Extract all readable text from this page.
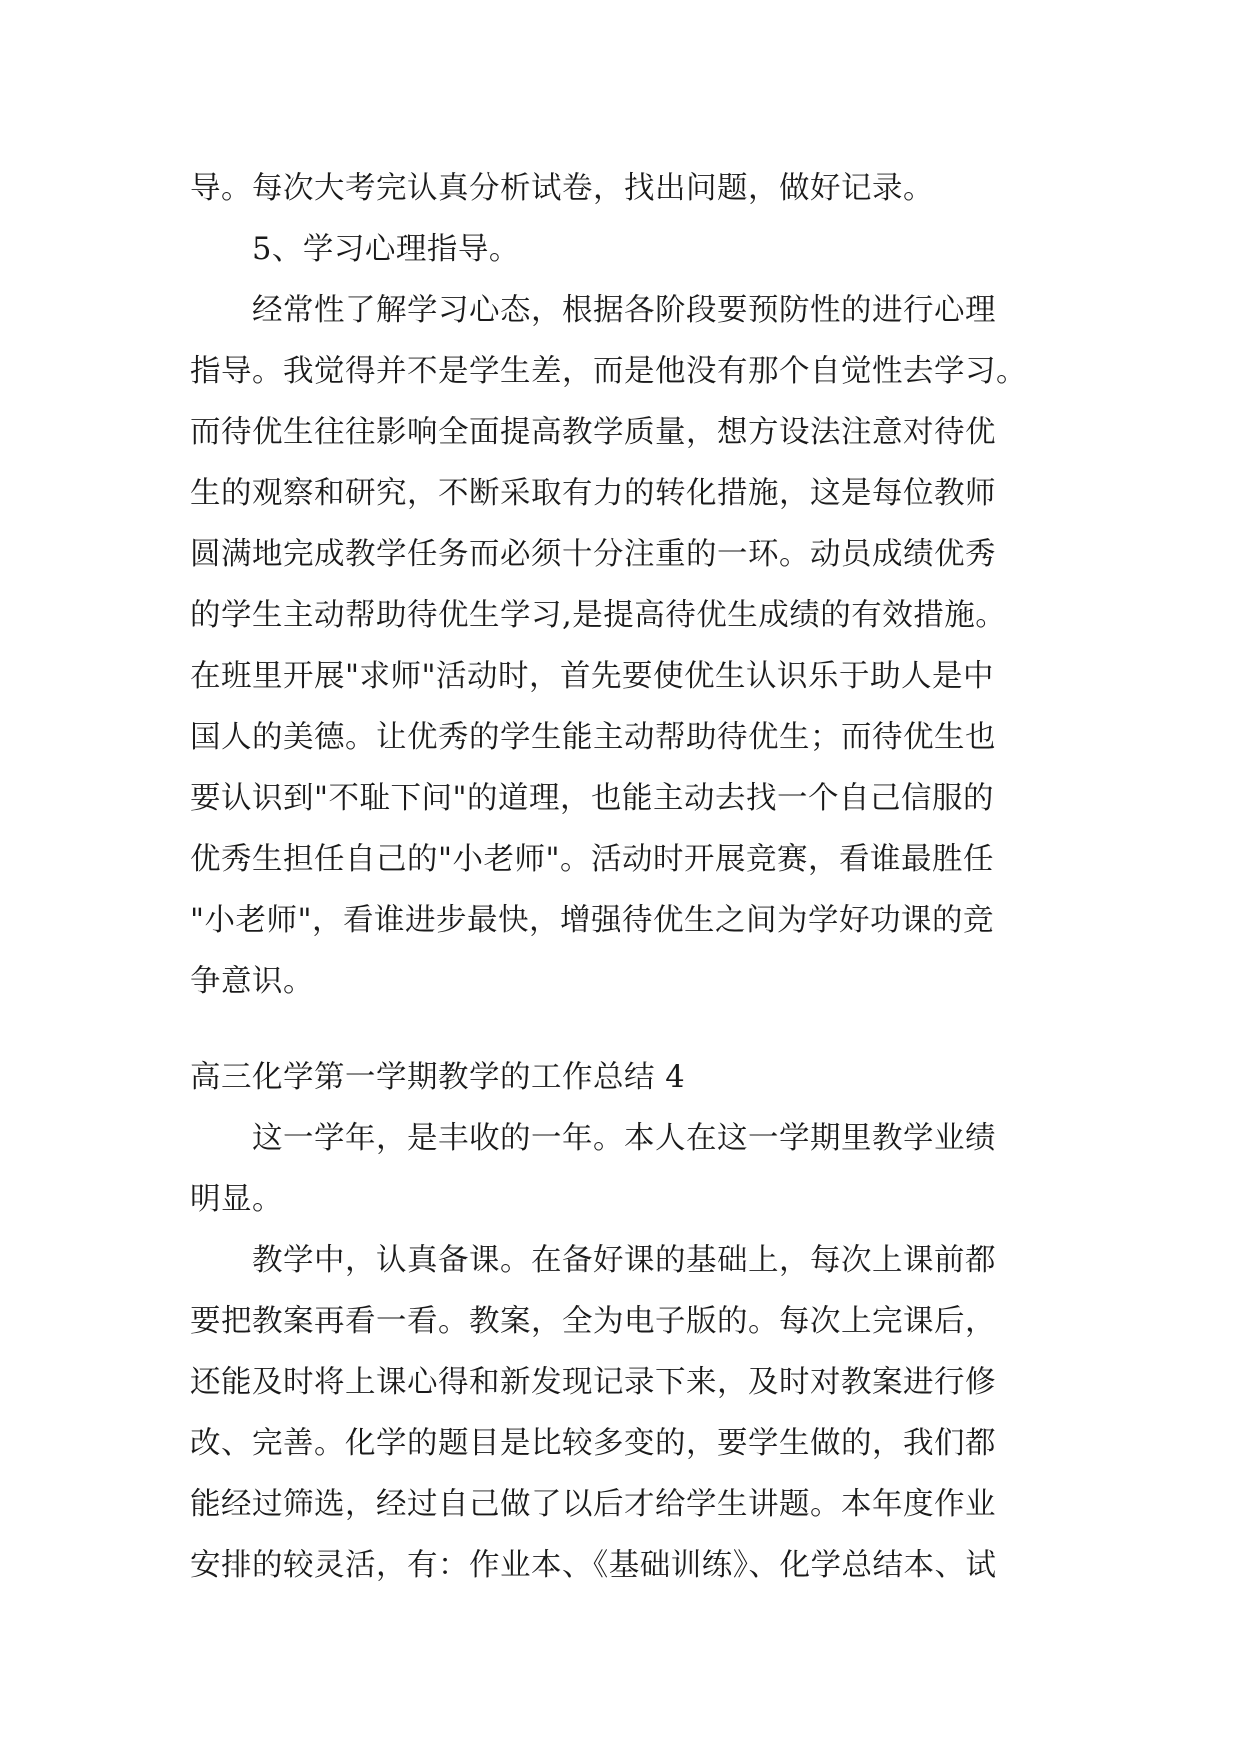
导。每次大考完认真分析试卷，找出问题，做好记录。
5、学习心理指导。
经常性了解学习心态，根据各阶段要预防性的进行心理
指导。我觉得并不是学生差，而是他没有那个自觉性去学习。
而待优生往往影响全面提高教学质量，想方设法注意对待优
生的观察和研究，不断采取有力的转化措施，这是每位教师
圆满地完成教学任务而必须十分注重的一环。动员成绩优秀
的学生主动帮助待优生学习,是提高待优生成绩的有效措施。
在班里开展"求师"活动时，首先要使优生认识乐于助人是中
国人的美德。让优秀的学生能主动帮助待优生；而待优生也
要认识到"不耻下问"的道理，也能主动去找一个自己信服的
优秀生担任自己的"小老师"。活动时开展竞赛，看谁最胜任
"小老师"，看谁进步最快，增强待优生之间为学好功课的竞
争意识。
高三化学第一学期教学的工作总结 4
这一学年，是丰收的一年。本人在这一学期里教学业绩
明显。
教学中，认真备课。在备好课的基础上，每次上课前都
要把教案再看一看。教案，全为电子版的。每次上完课后，
还能及时将上课心得和新发现记录下来，及时对教案进行修
改、完善。化学的题目是比较多变的，要学生做的，我们都
能经过筛选，经过自己做了以后才给学生讲题。本年度作业
安排的较灵活，有：作业本、《基础训练》、化学总结本、试
